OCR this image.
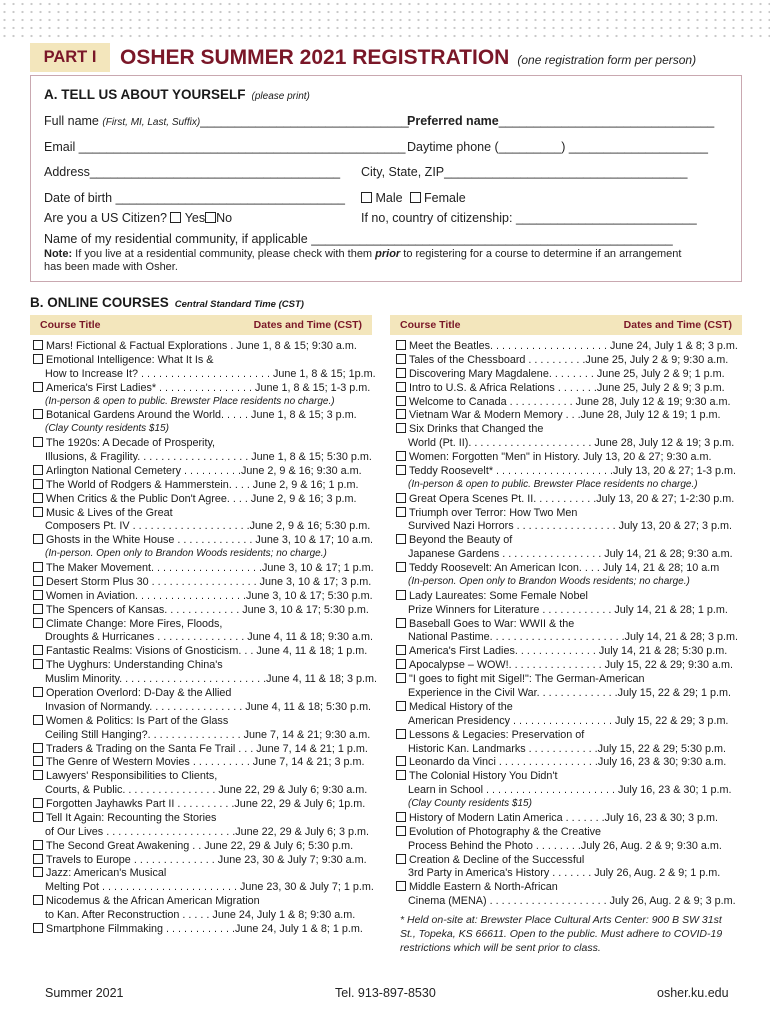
PART I	OSHER SUMMER 2021 REGISTRATION (one registration form per person)
A. TELL US ABOUT YOURSELF (please print)
Full name (First, MI, Last, Suffix)______________________________
Preferred name_______________________________
Email _______________________________________________ Daytime phone (_________) ____________________
Address____________________________________ City, State, ZIP___________________________________
Date of birth _________________________________	Male Female
Are you a US Citizen? Yes No	If no, country of citizenship: __________________________
Name of my residential community, if applicable ____________________________________________________
Note: If you live at a residential community, please check with them prior to registering for a course to determine if an arrangement has been made with Osher.
B. ONLINE COURSES Central Standard Time (CST)
Course Title	Dates and Time (CST)	Course Title	Dates and Time (CST)
Mars! Fictional & Factual Explorations . June 1, 8 & 15; 9:30 a.m.
Emotional Intelligence: What It Is &
How to Increase It? . . . . . . . . . . . . . . . . . . . . . . June 1, 8 & 15; 1p.m.
America's First Ladies* . . . . . . . . . . . . . . . . June 1, 8 & 15; 1-3 p.m.
(In-person & open to public. Brewster Place residents no charge.)
Botanical Gardens Around the World. . . . . June 1, 8 & 15; 3 p.m.
(Clay County residents $15)
The 1920s: A Decade of Prosperity,
Illusions, & Fragility. . . . . . . . . . . . . . . . . . . June 1, 8 & 15; 5:30 p.m.
Arlington National Cemetery . . . . . . . . . .June 2, 9 & 16; 9:30 a.m.
The World of Rodgers & Hammerstein. . . . June 2, 9 & 16; 1 p.m.
When Critics & the Public Don't Agree. . . . June 2, 9 & 16; 3 p.m.
Music & Lives of the Great
Composers Pt. IV . . . . . . . . . . . . . . . . . . . .June 2, 9 & 16; 5:30 p.m.
Ghosts in the White House . . . . . . . . . . . . . June 3, 10 & 17; 10 a.m.
(In-person. Open only to Brandon Woods residents; no charge.)
The Maker Movement. . . . . . . . . . . . . . . . . . .June 3, 10 & 17; 1 p.m.
Desert Storm Plus 30 . . . . . . . . . . . . . . . . . . June 3, 10 & 17; 3 p.m.
Women in Aviation. . . . . . . . . . . . . . . . . . .June 3, 10 & 17; 5:30 p.m.
The Spencers of Kansas. . . . . . . . . . . . . June 3, 10 & 17; 5:30 p.m.
Climate Change: More Fires, Floods,
Droughts & Hurricanes . . . . . . . . . . . . . . . June 4, 11 & 18; 9:30 a.m.
Fantastic Realms: Visions of Gnosticism. . . June 4, 11 & 18; 1 p.m.
The Uyghurs: Understanding China's
Muslim Minority. . . . . . . . . . . . . . . . . . . . . . . . .June 4, 11 & 18; 3 p.m.
Operation Overlord: D-Day & the Allied
Invasion of Normandy. . . . . . . . . . . . . . . . June 4, 11 & 18; 5:30 p.m.
Women & Politics: Is Part of the Glass
Ceiling Still Hanging?. . . . . . . . . . . . . . . . June 7, 14 & 21; 9:30 a.m.
Traders & Trading on the Santa Fe Trail . . . June 7, 14 & 21; 1 p.m.
The Genre of Western Movies . . . . . . . . . . June 7, 14 & 21; 3 p.m.
Lawyers' Responsibilities to Clients,
Courts, & Public. . . . . . . . . . . . . . . . June 22, 29 & July 6; 9:30 a.m.
Forgotten Jayhawks Part II . . . . . . . . . .June 22, 29 & July 6; 1p.m.
Tell It Again: Recounting the Stories
of Our Lives . . . . . . . . . . . . . . . . . . . . . .June 22, 29 & July 6; 3 p.m.
The Second Great Awakening . . June 22, 29 & July 6; 5:30 p.m.
Travels to Europe . . . . . . . . . . . . . . June 23, 30 & July 7; 9:30 a.m.
Jazz: American's Musical
Melting Pot . . . . . . . . . . . . . . . . . . . . . . . June 23, 30 & July 7; 1 p.m.
Nicodemus & the African American Migration
to Kan. After Reconstruction . . . . . June 24, July 1 & 8; 9:30 a.m.
Smartphone Filmmaking . . . . . . . . . . . .June 24, July 1 & 8; 1 p.m.
Meet the Beatles. . . . . . . . . . . . . . . . . . . . June 24, July 1 & 8; 3 p.m.
Tales of the Chessboard . . . . . . . . . .June 25, July 2 & 9; 9:30 a.m.
Discovering Mary Magdalene. . . . . . . . June 25, July 2 & 9; 1 p.m.
Intro to U.S. & Africa Relations . . . . . . .June 25, July 2 & 9; 3 p.m.
Welcome to Canada . . . . . . . . . . . June 28, July 12 & 19; 9:30 a.m.
Vietnam War & Modern Memory . . .June 28, July 12 & 19; 1 p.m.
Six Drinks that Changed the
World (Pt. II). . . . . . . . . . . . . . . . . . . . . June 28, July 12 & 19; 3 p.m.
Women: Forgotten "Men" in History. July 13, 20 & 27; 9:30 a.m.
Teddy Roosevelt* . . . . . . . . . . . . . . . . . . . .July 13, 20 & 27; 1-3 p.m.
(In-person & open to public. Brewster Place residents no charge.)
Great Opera Scenes Pt. II. . . . . . . . . . .July 13, 20 & 27; 1-2:30 p.m.
Triumph over Terror: How Two Men
Survived Nazi Horrors . . . . . . . . . . . . . . . . . July 13, 20 & 27; 3 p.m.
Beyond the Beauty of
Japanese Gardens . . . . . . . . . . . . . . . . . July 14, 21 & 28; 9:30 a.m.
Teddy Roosevelt: An American Icon. . . . July 14, 21 & 28; 10 a.m
(In-person. Open only to Brandon Woods residents; no charge.)
Lady Laureates: Some Female Nobel
Prize Winners for Literature . . . . . . . . . . . . July 14, 21 & 28; 1 p.m.
Baseball Goes to War: WWII & the
National Pastime. . . . . . . . . . . . . . . . . . . . . . .July 14, 21 & 28; 3 p.m.
America's First Ladies. . . . . . . . . . . . . . July 14, 21 & 28; 5:30 p.m.
Apocalypse – WOW!. . . . . . . . . . . . . . . . July 15, 22 & 29; 9:30 a.m.
"I goes to fight mit Sigel!": The German-American
Experience in the Civil War. . . . . . . . . . . . . .July 15, 22 & 29; 1 p.m.
Medical History of the
American Presidency . . . . . . . . . . . . . . . . . July 15, 22 & 29; 3 p.m.
Lessons & Legacies: Preservation of
Historic Kan. Landmarks . . . . . . . . . . . .July 15, 22 & 29; 5:30 p.m.
Leonardo da Vinci . . . . . . . . . . . . . . . . .July 16, 23 & 30; 9:30 a.m.
The Colonial History You Didn't
Learn in School . . . . . . . . . . . . . . . . . . . . . . July 16, 23 & 30; 1 p.m.
(Clay County residents $15)
History of Modern Latin America . . . . . . .July 16, 23 & 30; 3 p.m.
Evolution of Photography & the Creative
Process Behind the Photo . . . . . . . .July 26, Aug. 2 & 9; 9:30 a.m.
Creation & Decline of the Successful
3rd Party in America's History . . . . . . . July 26, Aug. 2 & 9; 1 p.m.
Middle Eastern & North-African
Cinema (MENA) . . . . . . . . . . . . . . . . . . . . July 26, Aug. 2 & 9; 3 p.m.
* Held on-site at: Brewster Place Cultural Arts Center: 900 B SW 31st St., Topeka, KS 66611. Open to the public. Must adhere to COVID-19 restrictions which will be sent prior to class.
Summer 2021	Tel. 913-897-8530	osher.ku.edu
